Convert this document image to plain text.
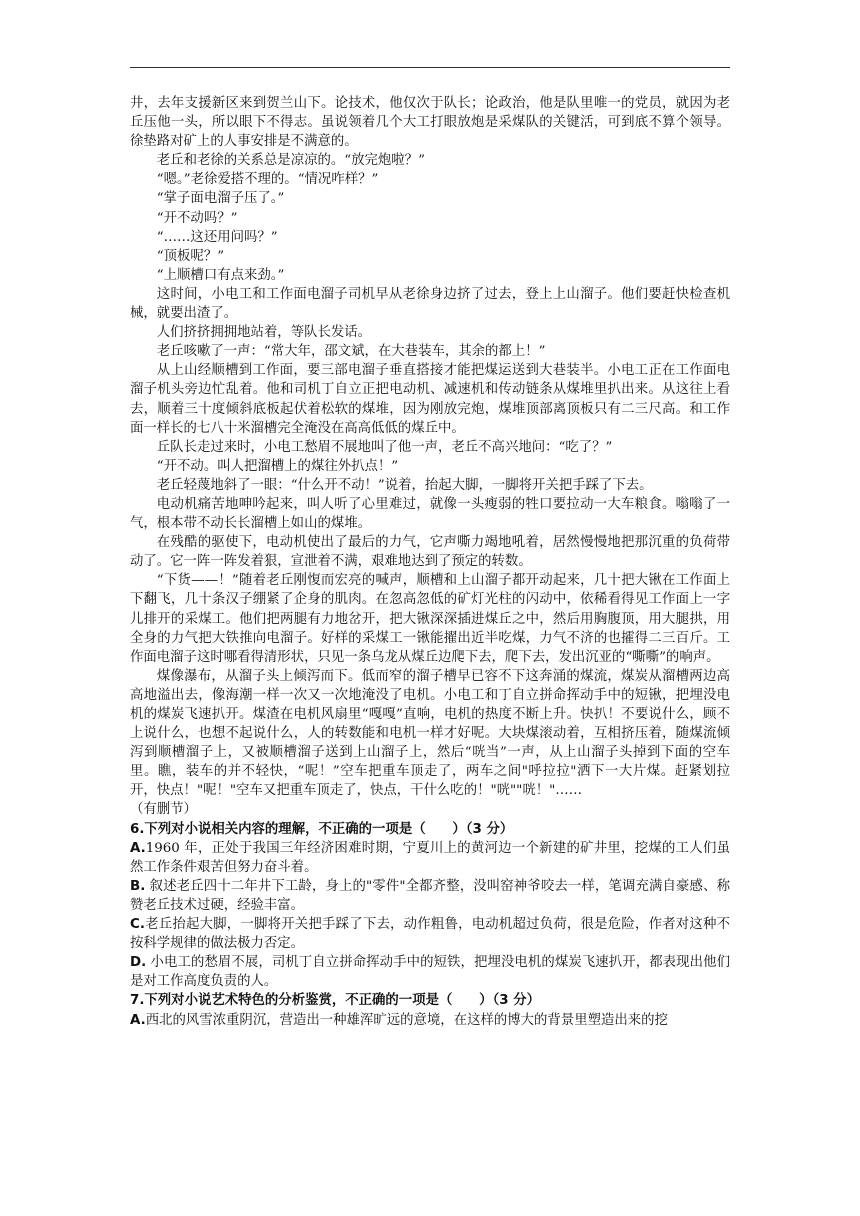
井，去年支援新区来到贺兰山下。论技术，他仅次于队长；论政治，他是队里唯一的党员，就因为老丘压他一头，所以眼下不得志。虽说领着几个大工打眼放炮是采煤队的关键活，可到底不算个领导。徐垫路对矿上的人事安排是不满意的。

老丘和老徐的关系总是凉凉的。“放完炮啦？”

“嗯。”老徐爱搭不理的。“情况咋样？”

“掌子面电溜子压了。”

“开不动吗？”

“……这还用问吗？”

“顶板呢？”

“上顺槽口有点来劲。”

这时间，小电工和工作面电溜子司机早从老徐身边挤了过去，登上上山溜子。他们要赶快检查机械，就要出渣了。

人们挤挤拥拥地站着，等队长发话。

老丘咳嗽了一声：“常大年，邵文斌，在大巷装车，其余的都上！”

从上山经顺槽到工作面，要三部电溜子垂直搭接才能把煤运送到大巷装半。小电工正在工作面电溜子机头旁边忙乱着。他和司机丁自立正把电动机、减速机和传动链条从煤堆里扒出来。从这往上看去，顺着三十度倾斜底板起伏着松软的煤堆，因为刚放完炮，煤堆顶部离顶板只有二三尺高。和工作面一样长的七八十米溜槽完全淹没在高高低低的煤丘中。

丘队长走过来时，小电工愁眉不展地叫了他一声，老丘不高兴地问：“吃了？”

“开不动。叫人把溜槽上的煤往外扒点！”

老丘轻蔑地斜了一眼：“什么开不动！”说着，抬起大脚，一脚将开关把手踩了下去。

电动机痛苦地呻吟起来，叫人听了心里难过，就像一头瘦弱的牲口要拉动一大车粮食。嗡嗡了一气，根本带不动长长溜槽上如山的煤堆。

在残酷的驱使下，电动机使出了最后的力气，它声嘶力竭地吼着，居然慢慢地把那沉重的负荷带动了。它一阵一阵发着狠，宣泄着不满，艰难地达到了预定的转数。

“下货——！”随着老丘刚愎而宏亮的喊声，顺槽和上山溜子都开动起来，几十把大锹在工作面上下翻飞，几十条汉子绷紧了企身的肌肉。在忽高忽低的矿灯光柱的闪动中，依稀看得见工作面上一字儿排开的采煤工。他们把两腿有力地岔开，把大锹深深插进煤丘之中，然后用胸腹顶，用大腿拱，用全身的力气把大铁推向电溜子。好样的采煤工一锹能擢出近半吃煤，力气不济的也攉得二三百斤。工作面电溜子这时哪看得清形状，只见一条乌龙从煤丘边爬下去，爬下去，发出沉亚的“嘶嘶”的响声。

煤像瀑布，从溜子头上倾泻而下。低而窄的溜子槽早已容不下这奔涌的煤流，煤炭从溜槽两边高高地溢出去，像海潮一样一次又一次地淹没了电机。小电工和丁自立拼命挥动手中的短锹，把埋没电机的煤炭飞速扒开。煤渣在电机风扇里“嘎嘎”直响，电机的热度不断上升。快扒！不要说什么，顾不上说什么，也想不起说什么，人的转数能和电机一样才好呢。大块煤滚动着，互相挤压着，随煤流倾泻到顺槽溜子上，又被顺槽溜子送到上山溜子上，然后“咣当”一声，从上山溜子头掉到下面的空车里。瞧，装车的并不轻快，“呢！”空车把重车顶走了，两车之间"呼拉拉"洒下一大片煤。赶紧划拉开，快点！"呢！"空车又把重车顶走了，快点，干什么吃的！"咣""咣！"……

（有删节）

6.下列对小说相关内容的理解，不正确的一项是（　　）（3 分）

A.1960 年，正处于我国三年经济困难时期，宁夏川上的黄河边一个新建的矿井里，挖煤的工人们虽然工作条件艰苦但努力奋斗着。

B. 叙述老丘四十二年井下工龄，身上的"零件"全都齐整，没叫窑神爷咬去一样，笔调充满自豪感、称赞老丘技术过硬，经验丰富。

C.老丘抬起大脚，一脚将开关把手踩了下去，动作粗鲁，电动机超过负荷，很是危险，作者对这种不按科学规律的做法极力否定。

D. 小电工的愁眉不展，司机丁自立拼命挥动手中的短铁，把埋没电机的煤炭飞速扒开，都表现出他们是对工作高度负责的人。

7.下列对小说艺术特色的分析鉴赏，不正确的一项是（　　）（3 分）

A.西北的风雪浓重阴沉，营造出一种雄浑旷远的意境，在这样的博大的背景里塑造出来的挖
